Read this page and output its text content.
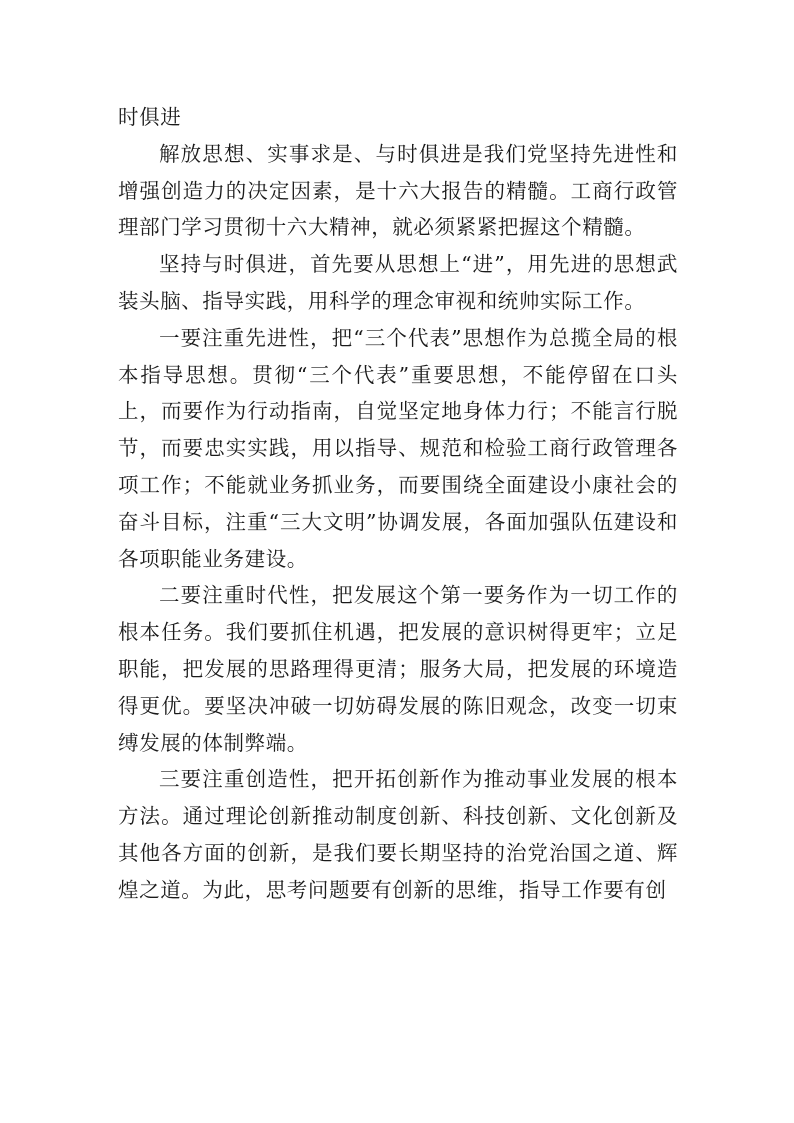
时俱进

解放思想、实事求是、与时俱进是我们党坚持先进性和增强创造力的决定因素，是十六大报告的精髓。工商行政管理部门学习贯彻十六大精神，就必须紧紧把握这个精髓。

坚持与时俱进，首先要从思想上“进”，用先进的思想武装头脑、指导实践，用科学的理念审视和统帅实际工作。

一要注重先进性，把“三个代表”思想作为总揽全局的根本指导思想。贯彻“三个代表”重要思想，不能停留在口头上，而要作为行动指南，自觉坚定地身体力行；不能言行脱节，而要忠实实践，用以指导、规范和检验工商行政管理各项工作；不能就业务抓业务，而要围绕全面建设小康社会的奋斗目标，注重“三大文明”协调发展，各面加强队伍建设和各项职能业务建设。

二要注重时代性，把发展这个第一要务作为一切工作的根本任务。我们要抓住机遇，把发展的意识树得更牢；立足职能，把发展的思路理得更清；服务大局，把发展的环境造得更优。要坚决冲破一切妨碍发展的陈旧观念，改变一切束缚发展的体制弊端。

三要注重创造性，把开拓创新作为推动事业发展的根本方法。通过理论创新推动制度创新、科技创新、文化创新及其他各方面的创新，是我们要长期坚持的治党治国之道、辉煌之道。为此，思考问题要有创新的思维，指导工作要有创
